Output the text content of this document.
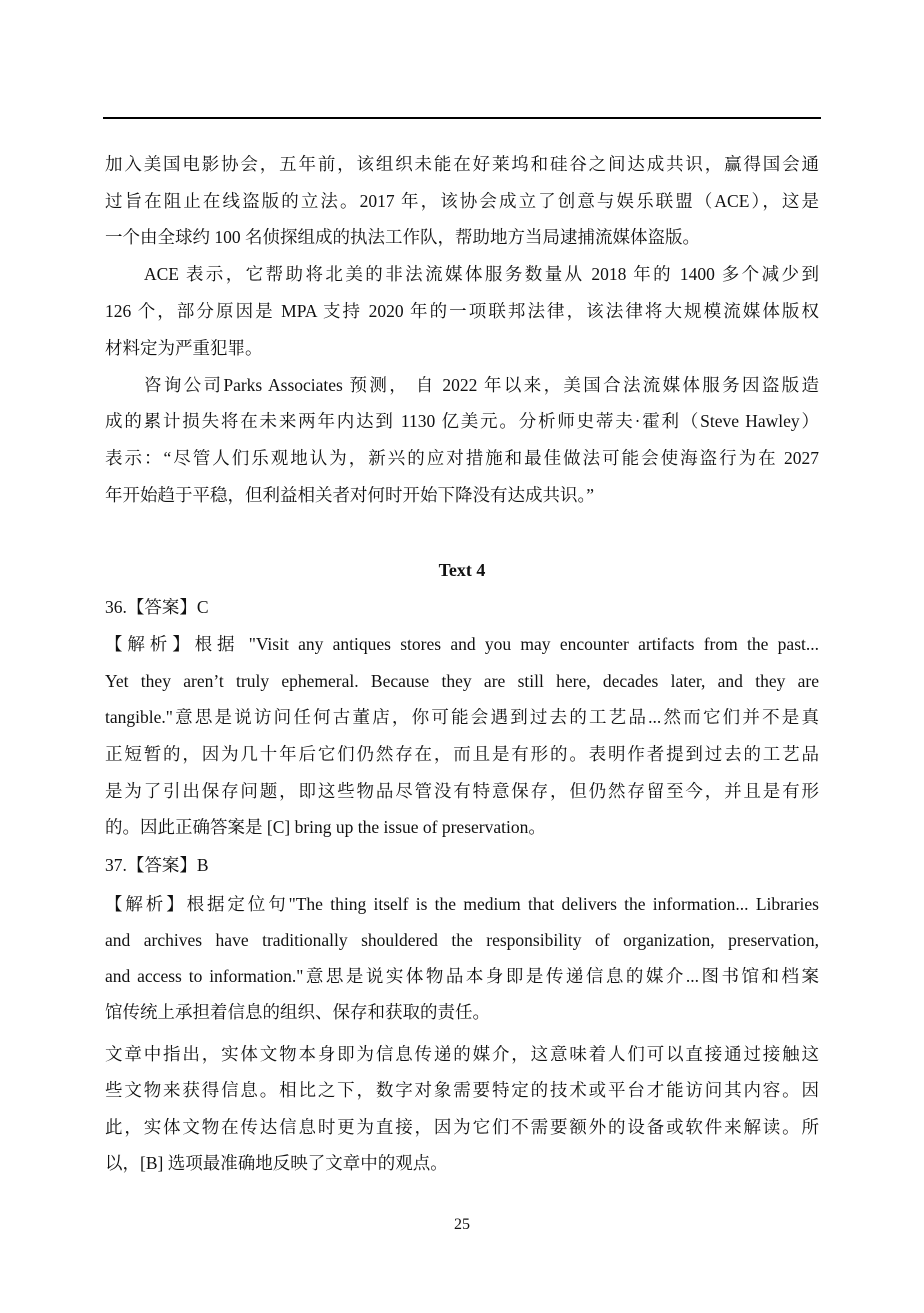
加入美国电影协会，五年前，该组织未能在好莱坞和硅谷之间达成共识，赢得国会通
过旨在阻止在线盗版的立法。2017 年，该协会成立了创意与娱乐联盟（ACE），这是
一个由全球约 100 名侦探组成的执法工作队，帮助地方当局逮捕流媒体盗版。
ACE 表示，它帮助将北美的非法流媒体服务数量从 2018 年的 1400 多个减少到
126 个，部分原因是 MPA 支持 2020 年的一项联邦法律，该法律将大规模流媒体版权
材料定为严重犯罪。
咨询公司Parks Associates 预测， 自 2022 年以来，美国合法流媒体服务因盗版造
成的累计损失将在未来两年内达到 1130 亿美元。分析师史蒂夫·霍利（Steve Hawley）
表示：“尽管人们乐观地认为，新兴的应对措施和最佳做法可能会使海盗行为在 2027
年开始趋于平稳，但利益相关者对何时开始下降没有达成共识。”
Text 4
36.【答案】C
【解析】根据 "Visit any antiques stores and you may encounter artifacts from the past...
Yet they aren’t truly ephemeral. Because they are still here, decades later, and they are
tangible."意思是说访问任何古董店，你可能会遇到过去的工艺品...然而它们并不是真
正短暂的，因为几十年后它们仍然存在，而且是有形的。表明作者提到过去的工艺品
是为了引出保存问题，即这些物品尽管没有特意保存，但仍然存留至今，并且是有形
的。因此正确答案是 [C] bring up the issue of preservation。
37.【答案】B
【解析】根据定位句"The thing itself is the medium that delivers the information... Libraries
and archives have traditionally shouldered the responsibility of organization, preservation,
and access to information."意思是说实体物品本身即是传递信息的媒介...图书馆和档案
馆传统上承担着信息的组织、保存和获取的责任。
文章中指出，实体文物本身即为信息传递的媒介，这意味着人们可以直接通过接触这
些文物来获得信息。相比之下，数字对象需要特定的技术或平台才能访问其内容。因
此，实体文物在传达信息时更为直接，因为它们不需要额外的设备或软件来解读。所
以，[B] 选项最准确地反映了文章中的观点。
25
